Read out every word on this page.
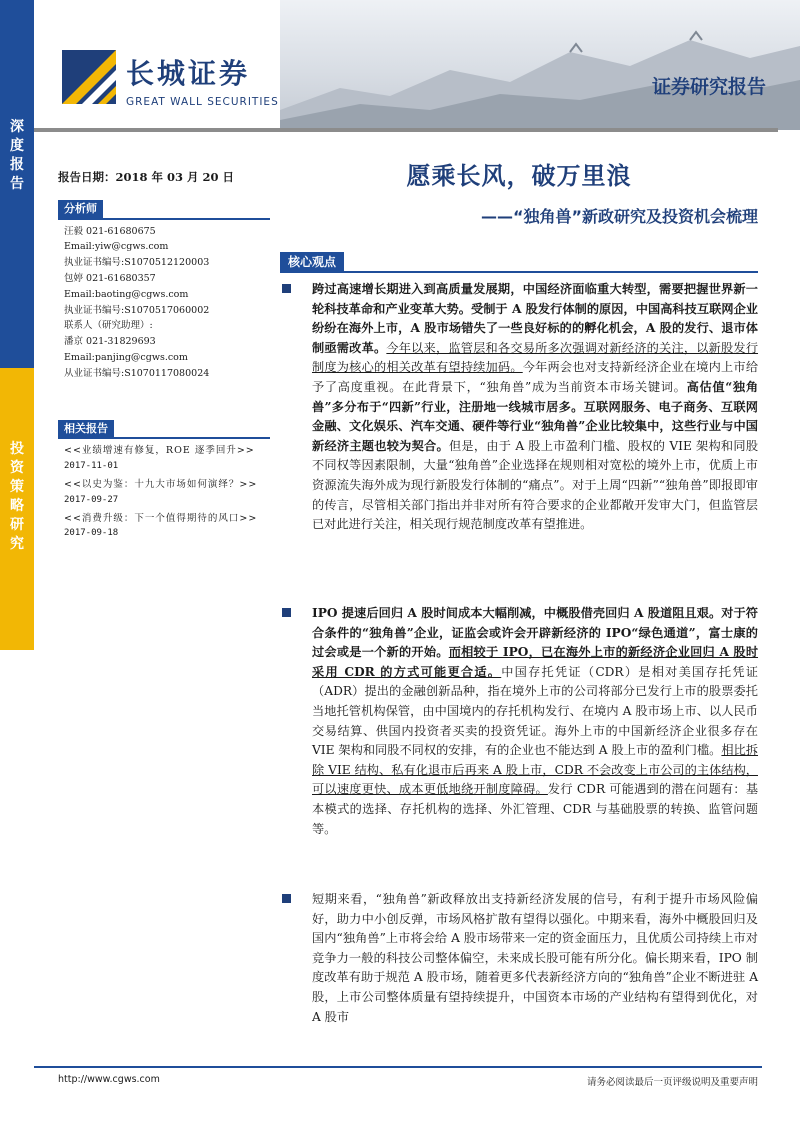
深
度
报
告
投
资
策
略
研
究
长城证券
GREAT WALL SECURITIES
证券研究报告
报告日期：2018 年 03 月 20 日
分析师
汪毅 021-61680675
Email:yiw@cgws.com
执业证书编号:S1070512120003
包婷 021-61680357
Email:baoting@cgws.com
执业证书编号:S1070517060002
联系人（研究助理）:
潘京 021-31829693
Email:panjing@cgws.com
从业证书编号:S1070117080024
相关报告
<<业绩增速有修复，ROE 逐季回升>>
2017-11-01
<<以史为鉴：十九大市场如何演绎？>>
2017-09-27
<<消费升级：下一个值得期待的风口>>
2017-09-18
愿乘长风，破万里浪
——“独角兽”新政研究及投资机会梳理
核心观点
跨过高速增长期进入到高质量发展期，中国经济面临重大转型，需要把握世界新一轮科技革命和产业变革大势。受制于 A 股发行体制的原因，中国高科技互联网企业纷纷在海外上市，A 股市场错失了一些良好标的的孵化机会，A 股的发行、退市体制亟需改革。今年以来，监管层和各交易所多次强调对新经济的关注，以新股发行制度为核心的相关改革有望持续加码。今年两会也对支持新经济企业在境内上市给予了高度重视。在此背景下，“独角兽”成为当前资本市场关键词。高估值“独角兽”多分布于“四新”行业，注册地一线城市居多。互联网服务、电子商务、互联网金融、文化娱乐、汽车交通、硬件等行业“独角兽”企业比较集中，这些行业与中国新经济主题也较为契合。但是，由于 A 股上市盈利门槛、股权的 VIE 架构和同股不同权等因素限制，大量“独角兽”企业选择在规则相对宽松的境外上市，优质上市资源流失海外成为现行新股发行体制的“痛点”。对于上周“四新”“独角兽”即报即审的传言，尽管相关部门指出并非对所有符合要求的企业都敞开发审大门，但监管层已对此进行关注，相关现行规范制度改革有望推进。
IPO 提速后回归 A 股时间成本大幅削减，中概股借壳回归 A 股道阻且艰。对于符合条件的“独角兽”企业，证监会或许会开辟新经济的 IPO“绿色通道”，富士康的过会或是一个新的开始。而相较于 IPO，已在海外上市的新经济企业回归 A 股时采用 CDR 的方式可能更合适。中国存托凭证（CDR）是相对美国存托凭证（ADR）提出的金融创新品种，指在境外上市的公司将部分已发行上市的股票委托当地托管机构保管，由中国境内的存托机构发行、在境内 A 股市场上市、以人民币交易结算、供国内投资者买卖的投资凭证。海外上市的中国新经济企业很多存在 VIE 架构和同股不同权的安排，有的企业也不能达到 A 股上市的盈利门槛。相比拆除 VIE 结构、私有化退市后再来 A 股上市，CDR 不会改变上市公司的主体结构，可以速度更快、成本更低地绕开制度障碍。发行 CDR 可能遇到的潜在问题有：基本模式的选择、存托机构的选择、外汇管理、CDR 与基础股票的转换、监管问题等。
短期来看，“独角兽”新政释放出支持新经济发展的信号，有利于提升市场风险偏好，助力中小创反弹，市场风格扩散有望得以强化。中期来看，海外中概股回归及国内“独角兽”上市将会给 A 股市场带来一定的资金面压力，且优质公司持续上市对竞争力一般的科技公司整体偏空，未来成长股可能有所分化。偏长期来看，IPO 制度改革有助于规范 A 股市场，随着更多代表新经济方向的“独角兽”企业不断进驻 A 股，上市公司整体质量有望持续提升，中国资本市场的产业结构有望得到优化，对 A 股市
http://www.cgws.com	请务必阅读最后一页评级说明及重要声明
